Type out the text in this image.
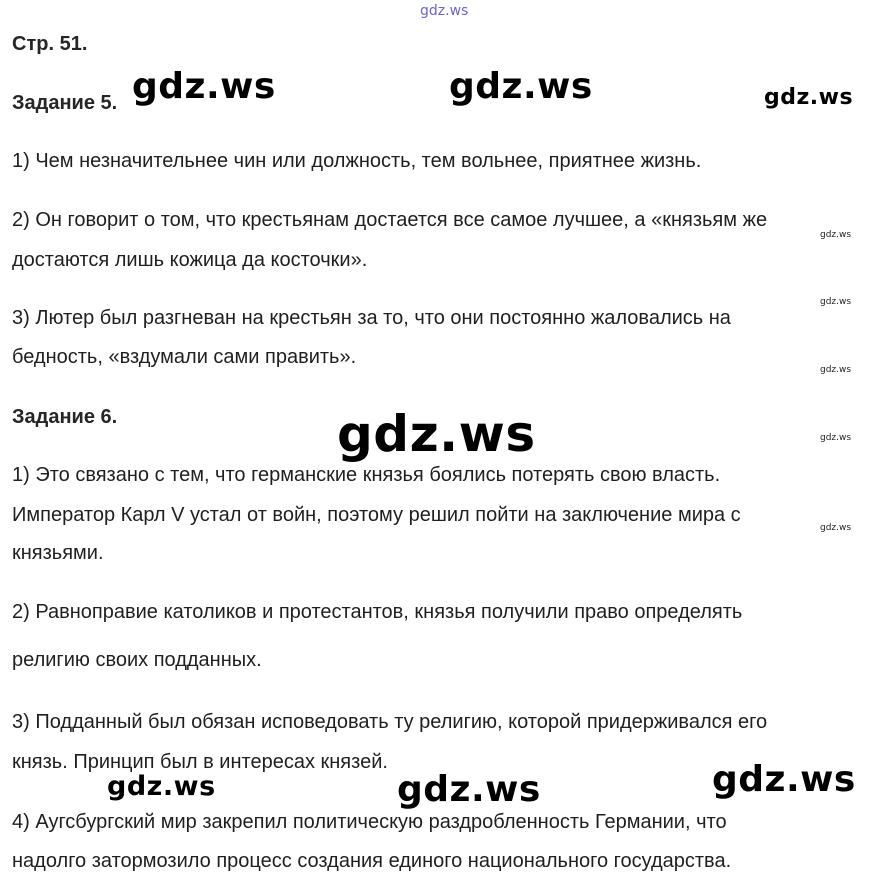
gdz.ws
Стр. 51.
Задание 5.
1) Чем незначительнее чин или должность, тем вольнее, приятнее жизнь.
2) Он говорит о том, что крестьянам достается все самое лучшее, а «князьям же
достаются лишь кожица да косточки».
3) Лютер был разгневан на крестьян за то, что они постоянно жаловались на
бедность, «вздумали сами править».
Задание 6.
1) Это связано с тем, что германские князья боялись потерять свою власть.
Император Карл V устал от войн, поэтому решил пойти на заключение мира с
князьями.
2) Равноправие католиков и протестантов, князья получили право определять
религию своих подданных.
3) Подданный был обязан исповедовать ту религию, которой придерживался его
князь. Принцип был в интересах князей.
4) Аугсбургский мир закрепил политическую раздробленность Германии, что
надолго затормозило процесс создания единого национального государства.
gdz.ws	gdz.ws	gdz.ws
gdz.ws
gdz.ws	gdz.ws	gdz.ws
gdz.ws
gdz.ws
gdz.ws
gdz.ws
gdz.ws
